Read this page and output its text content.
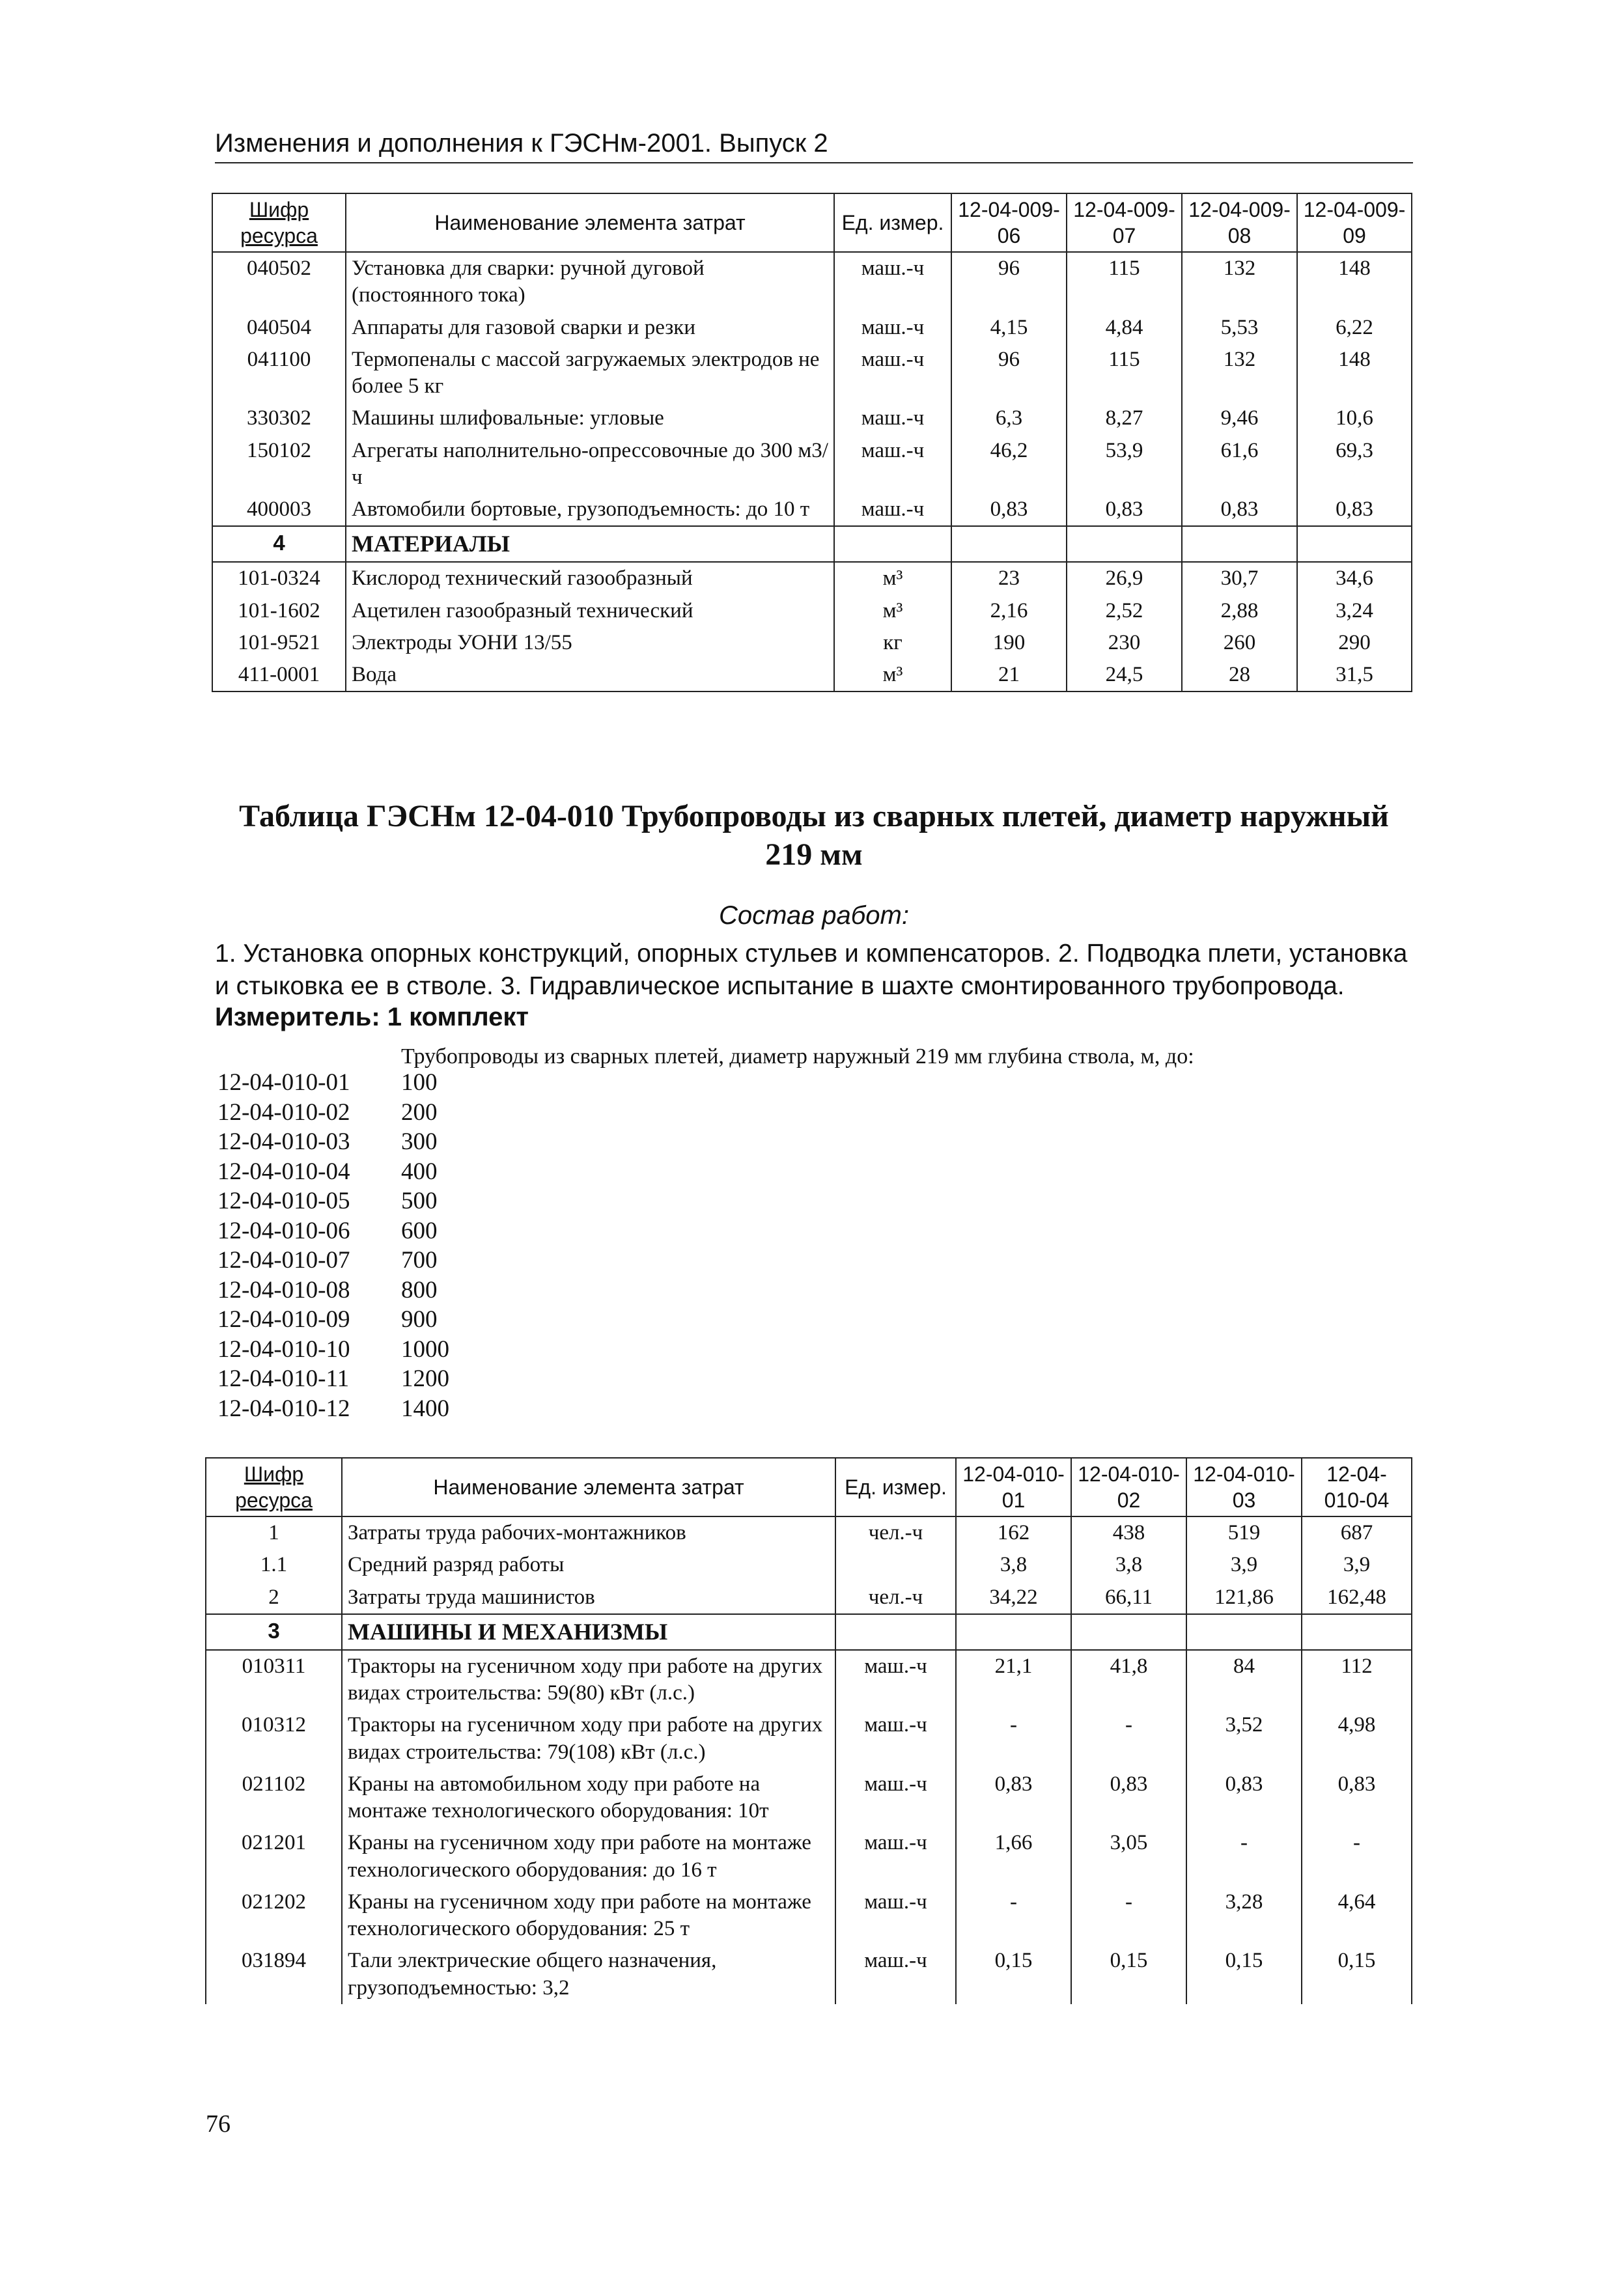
Изменения и дополнения к ГЭСНм-2001. Выпуск 2
Шифр ресурса	Наименование элемента затрат	Ед. измер.	12-04-009-06	12-04-009-07	12-04-009-08	12-04-009-09
040502	Установка для сварки: ручной дуговой (постоянного тока)	маш.-ч	96	115	132	148
040504	Аппараты для газовой сварки и резки	маш.-ч	4,15	4,84	5,53	6,22
041100	Термопеналы с массой загружаемых электродов не более 5 кг	маш.-ч	96	115	132	148
330302	Машины шлифовальные: угловые	маш.-ч	6,3	8,27	9,46	10,6
150102	Агрегаты наполнительно-опрессовочные до 300 м3/ч	маш.-ч	46,2	53,9	61,6	69,3
400003	Автомобили бортовые, грузоподъемность: до 10 т	маш.-ч	0,83	0,83	0,83	0,83
4	МАТЕРИАЛЫ					
101-0324	Кислород технический газообразный	м³	23	26,9	30,7	34,6
101-1602	Ацетилен газообразный технический	м³	2,16	2,52	2,88	3,24
101-9521	Электроды УОНИ 13/55	кг	190	230	260	290
411-0001	Вода	м³	21	24,5	28	31,5
Таблица ГЭСНм 12-04-010 Трубопроводы из сварных плетей, диаметр наружный
219 мм
Состав работ:
1. Установка опорных конструкций, опорных стульев и компенсаторов. 2. Подводка плети, установка и стыковка ее в стволе. 3. Гидравлическое испытание в шахте смонтированного трубопровода.
Измеритель: 1 комплект
Трубопроводы из сварных плетей, диаметр наружный 219 мм глубина ствола, м, до:
12-04-010-01	100
12-04-010-02	200
12-04-010-03	300
12-04-010-04	400
12-04-010-05	500
12-04-010-06	600
12-04-010-07	700
12-04-010-08	800
12-04-010-09	900
12-04-010-10	1000
12-04-010-11	1200
12-04-010-12	1400
Шифр ресурса	Наименование элемента затрат	Ед. измер.	12-04-010-01	12-04-010-02	12-04-010-03	12-04-010-04
1	Затраты труда рабочих-монтажников	чел.-ч	162	438	519	687
1.1	Средний разряд работы		3,8	3,8	3,9	3,9
2	Затраты труда машинистов	чел.-ч	34,22	66,11	121,86	162,48
3	МАШИНЫ И МЕХАНИЗМЫ					
010311	Тракторы на гусеничном ходу при работе на других видах строительства: 59(80) кВт (л.с.)	маш.-ч	21,1	41,8	84	112
010312	Тракторы на гусеничном ходу при работе на других видах строительства: 79(108) кВт (л.с.)	маш.-ч	-	-	3,52	4,98
021102	Краны на автомобильном ходу при работе на монтаже технологического оборудования: 10т	маш.-ч	0,83	0,83	0,83	0,83
021201	Краны на гусеничном ходу при работе на монтаже технологического оборудования: до 16 т	маш.-ч	1,66	3,05	-	-
021202	Краны на гусеничном ходу при работе на монтаже технологического оборудования: 25 т	маш.-ч	-	-	3,28	4,64
031894	Тали электрические общего назначения, грузоподъемностью: 3,2	маш.-ч	0,15	0,15	0,15	0,15
76
